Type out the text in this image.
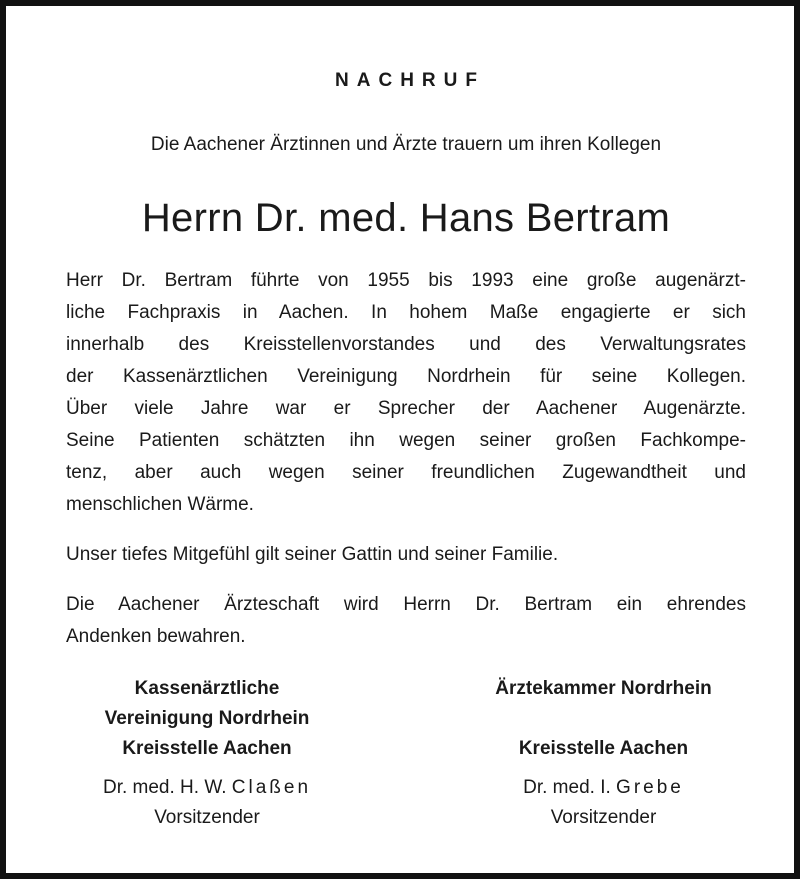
NACHRUF
Die Aachener Ärztinnen und Ärzte trauern um ihren Kollegen
Herrn Dr. med. Hans Bertram
Herr Dr. Bertram führte von 1955 bis 1993 eine große augenärzt-
liche Fachpraxis in Aachen. In hohem Maße engagierte er sich
innerhalb des Kreisstellenvorstandes und des Verwaltungsrates
der Kassenärztlichen Vereinigung Nordrhein für seine Kollegen.
Über viele Jahre war er Sprecher der Aachener Augenärzte.
Seine Patienten schätzten ihn wegen seiner großen Fachkompe-
tenz, aber auch wegen seiner freundlichen Zugewandtheit und
menschlichen Wärme.
Unser tiefes Mitgefühl gilt seiner Gattin und seiner Familie.
Die Aachener Ärzteschaft wird Herrn Dr. Bertram ein ehrendes
Andenken bewahren.
Kassenärztliche
Vereinigung Nordrhein
Kreisstelle Aachen
Dr. med. H. W. Claßen
Vorsitzender
Ärztekammer Nordrhein
Kreisstelle Aachen
Dr. med. I. Grebe
Vorsitzender
